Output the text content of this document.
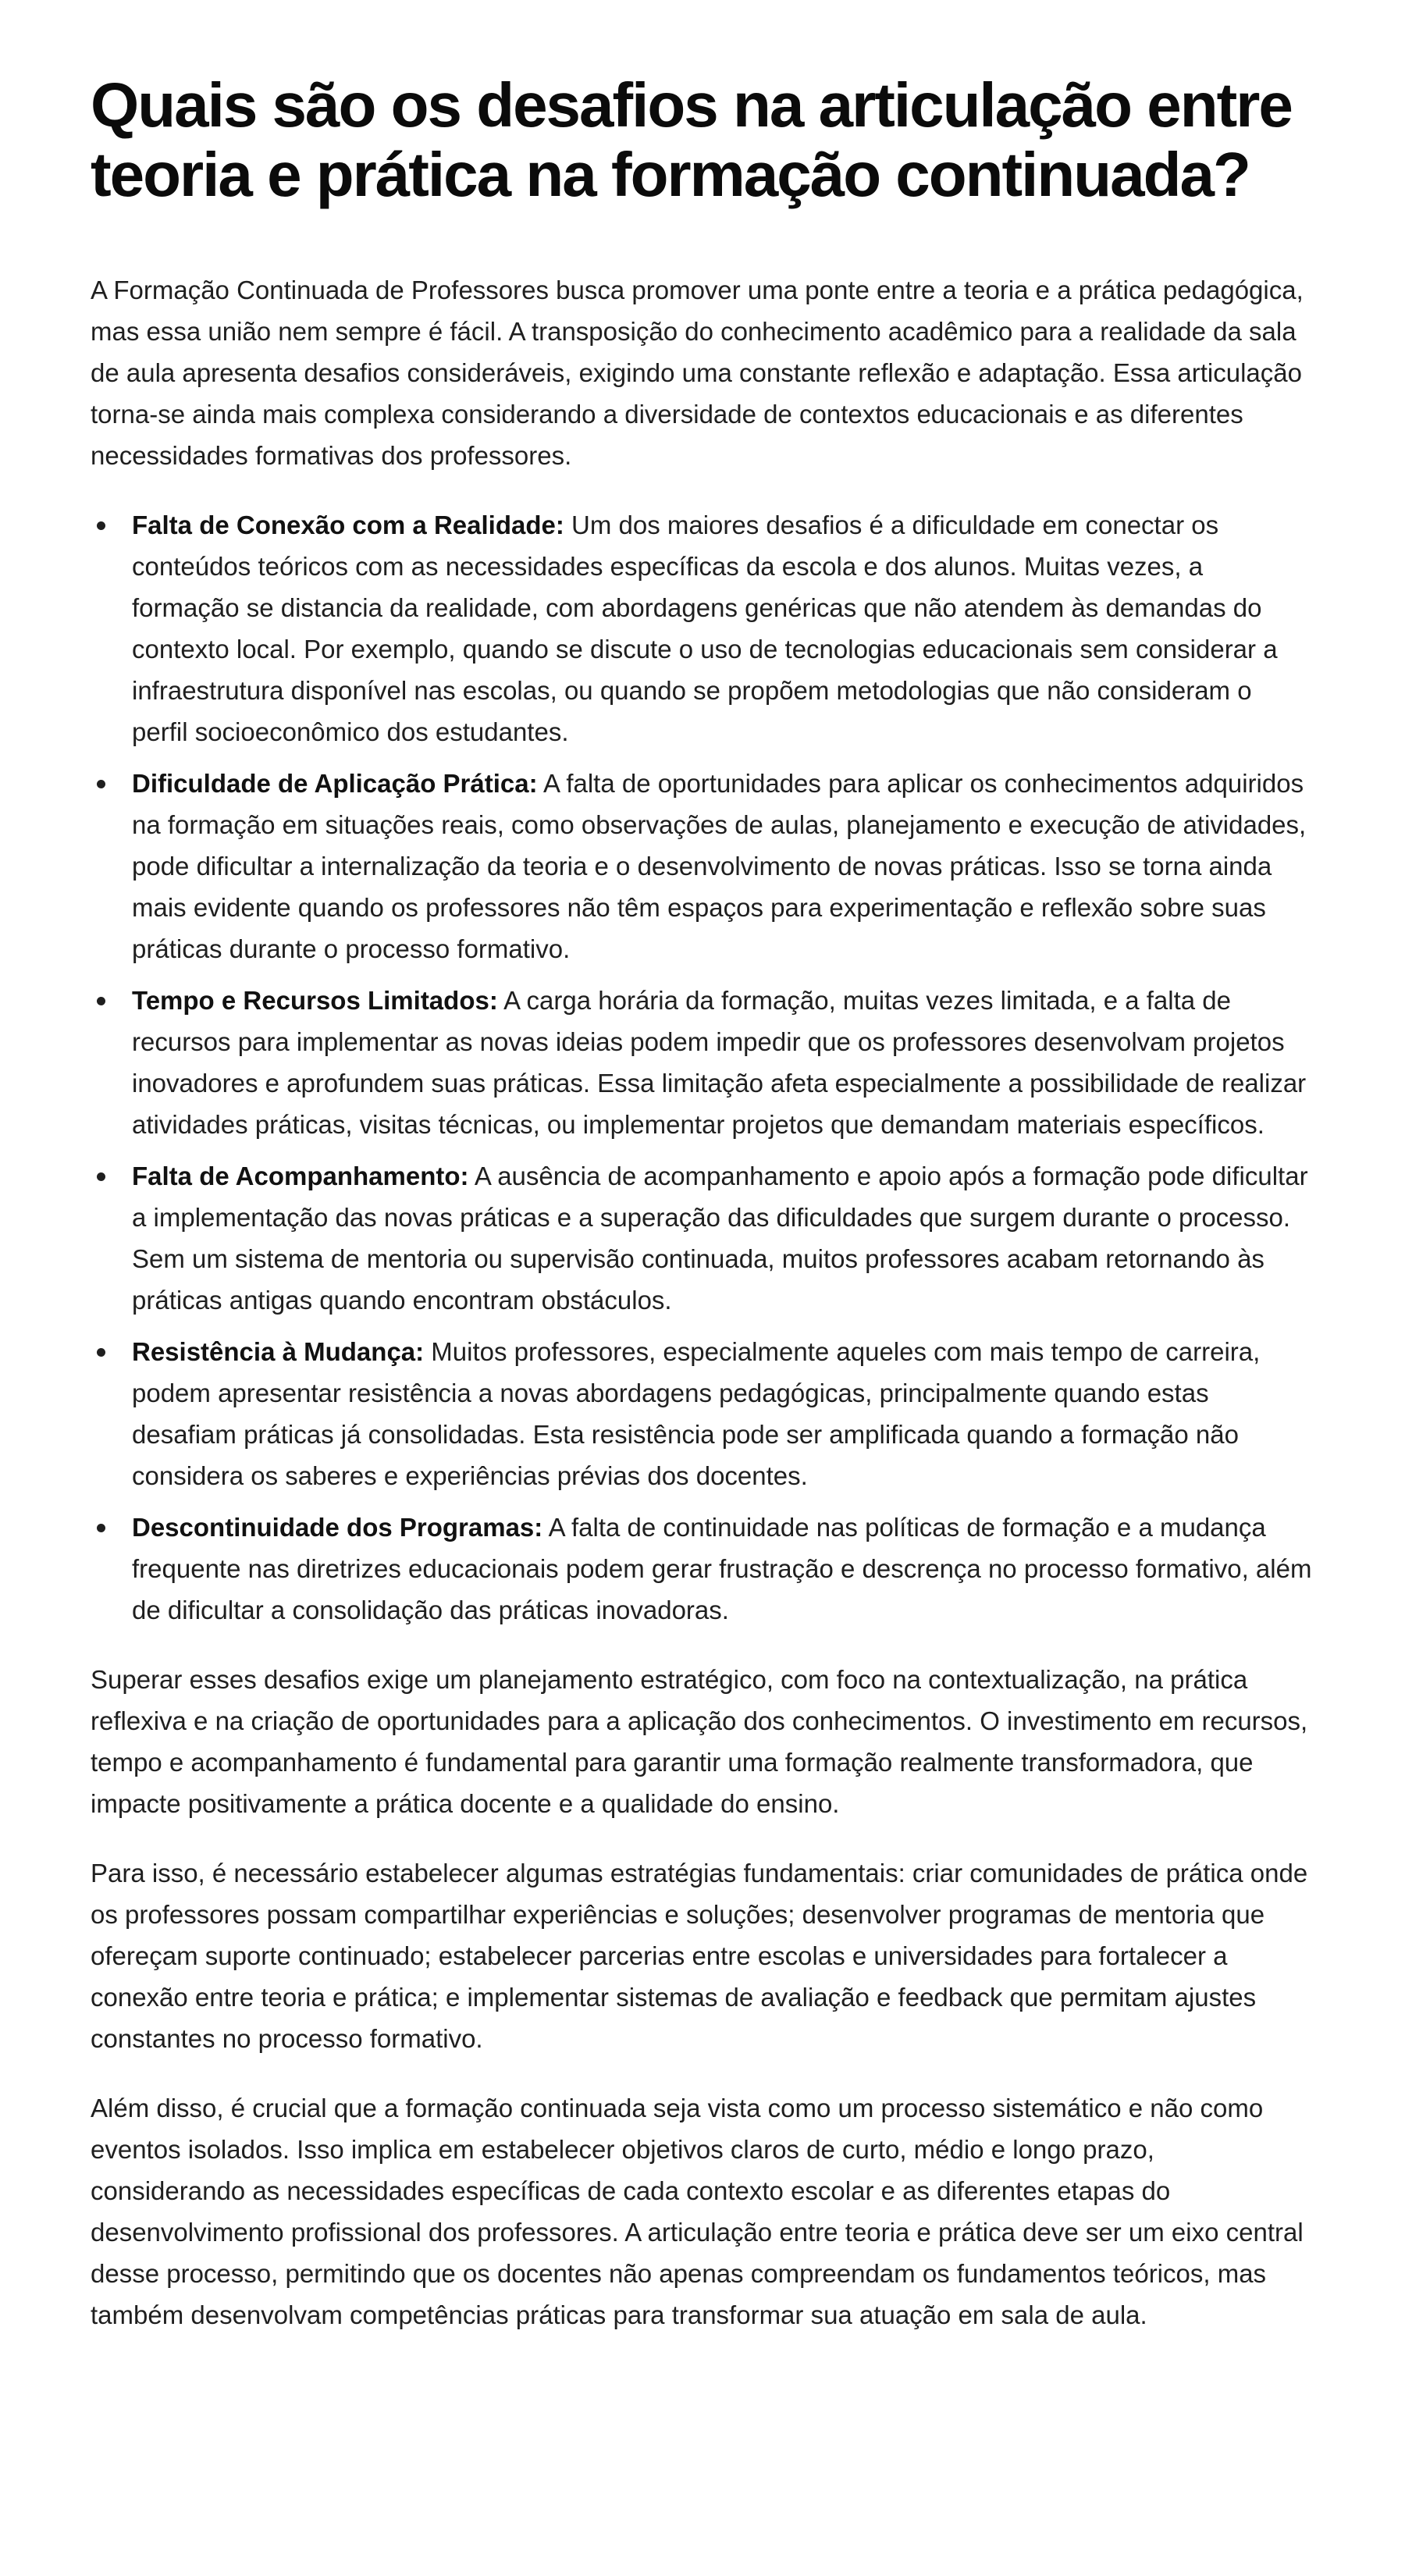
Quais são os desafios na articulação entre teoria e prática na formação continuada?

A Formação Continuada de Professores busca promover uma ponte entre a teoria e a prática pedagógica, mas essa união nem sempre é fácil. A transposição do conhecimento acadêmico para a realidade da sala de aula apresenta desafios consideráveis, exigindo uma constante reflexão e adaptação. Essa articulação torna-se ainda mais complexa considerando a diversidade de contextos educacionais e as diferentes necessidades formativas dos professores.

Falta de Conexão com a Realidade: Um dos maiores desafios é a dificuldade em conectar os conteúdos teóricos com as necessidades específicas da escola e dos alunos. Muitas vezes, a formação se distancia da realidade, com abordagens genéricas que não atendem às demandas do contexto local. Por exemplo, quando se discute o uso de tecnologias educacionais sem considerar a infraestrutura disponível nas escolas, ou quando se propõem metodologias que não consideram o perfil socioeconômico dos estudantes.
Dificuldade de Aplicação Prática: A falta de oportunidades para aplicar os conhecimentos adquiridos na formação em situações reais, como observações de aulas, planejamento e execução de atividades, pode dificultar a internalização da teoria e o desenvolvimento de novas práticas. Isso se torna ainda mais evidente quando os professores não têm espaços para experimentação e reflexão sobre suas práticas durante o processo formativo.
Tempo e Recursos Limitados: A carga horária da formação, muitas vezes limitada, e a falta de recursos para implementar as novas ideias podem impedir que os professores desenvolvam projetos inovadores e aprofundem suas práticas. Essa limitação afeta especialmente a possibilidade de realizar atividades práticas, visitas técnicas, ou implementar projetos que demandam materiais específicos.
Falta de Acompanhamento: A ausência de acompanhamento e apoio após a formação pode dificultar a implementação das novas práticas e a superação das dificuldades que surgem durante o processo. Sem um sistema de mentoria ou supervisão continuada, muitos professores acabam retornando às práticas antigas quando encontram obstáculos.
Resistência à Mudança: Muitos professores, especialmente aqueles com mais tempo de carreira, podem apresentar resistência a novas abordagens pedagógicas, principalmente quando estas desafiam práticas já consolidadas. Esta resistência pode ser amplificada quando a formação não considera os saberes e experiências prévias dos docentes.
Descontinuidade dos Programas: A falta de continuidade nas políticas de formação e a mudança frequente nas diretrizes educacionais podem gerar frustração e descrença no processo formativo, além de dificultar a consolidação das práticas inovadoras.

Superar esses desafios exige um planejamento estratégico, com foco na contextualização, na prática reflexiva e na criação de oportunidades para a aplicação dos conhecimentos. O investimento em recursos, tempo e acompanhamento é fundamental para garantir uma formação realmente transformadora, que impacte positivamente a prática docente e a qualidade do ensino.

Para isso, é necessário estabelecer algumas estratégias fundamentais: criar comunidades de prática onde os professores possam compartilhar experiências e soluções; desenvolver programas de mentoria que ofereçam suporte continuado; estabelecer parcerias entre escolas e universidades para fortalecer a conexão entre teoria e prática; e implementar sistemas de avaliação e feedback que permitam ajustes constantes no processo formativo.

Além disso, é crucial que a formação continuada seja vista como um processo sistemático e não como eventos isolados. Isso implica em estabelecer objetivos claros de curto, médio e longo prazo, considerando as necessidades específicas de cada contexto escolar e as diferentes etapas do desenvolvimento profissional dos professores. A articulação entre teoria e prática deve ser um eixo central desse processo, permitindo que os docentes não apenas compreendam os fundamentos teóricos, mas também desenvolvam competências práticas para transformar sua atuação em sala de aula.
